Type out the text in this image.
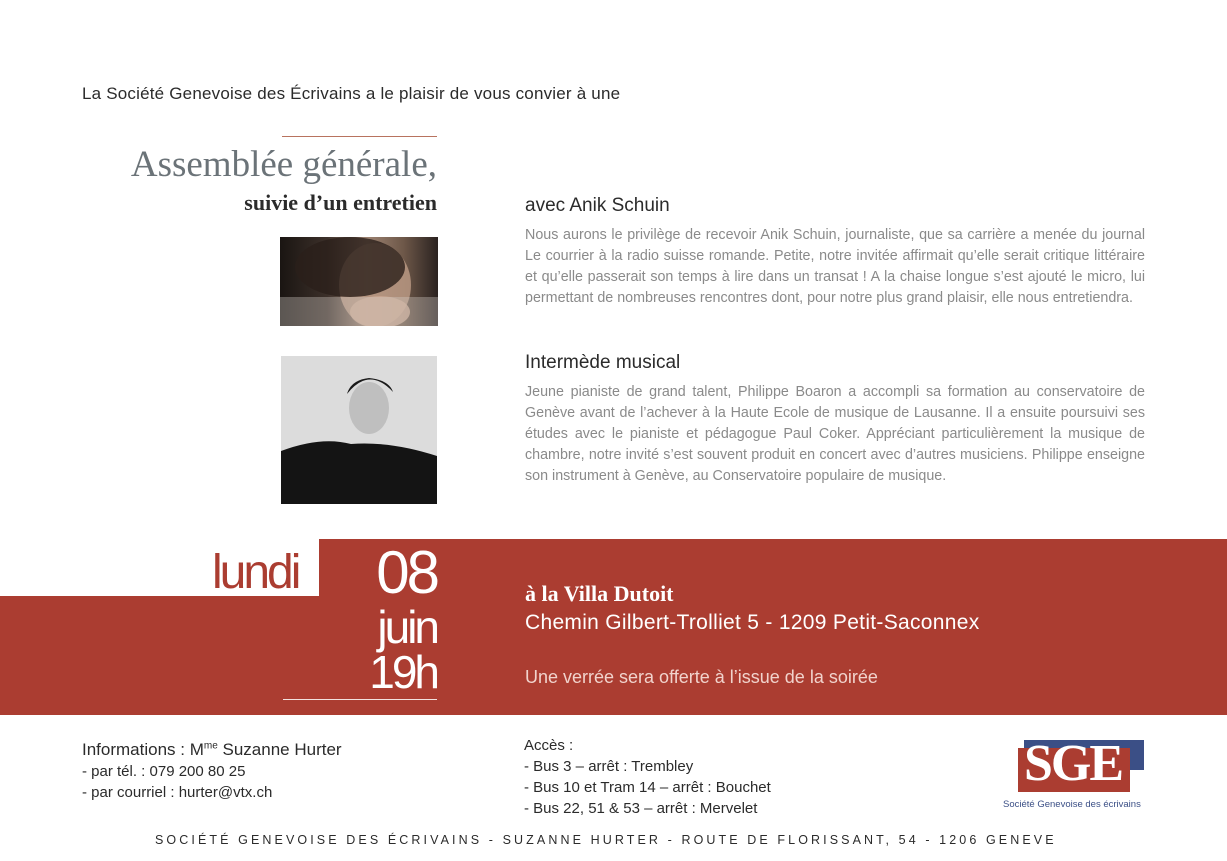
La Société Genevoise des Écrivains a le plaisir de vous convier à une
Assemblée générale,
suivie d’un entretien	avec Anik Schuin
Nous aurons le privilège de recevoir Anik Schuin, journaliste, que sa carrière a menée du journal Le courrier à la radio suisse romande. Petite, notre invitée affirmait qu’elle serait critique littéraire et qu’elle passerait son temps à lire dans un transat ! A la chaise longue s’est ajouté le micro, lui permettant de nombreuses rencontres dont, pour notre plus grand plaisir, elle nous entretiendra.
Intermède musical
Jeune pianiste de grand talent, Philippe Boaron a accompli sa formation au conservatoire de Genève avant de l’achever à la Haute Ecole de musique de Lausanne. Il a ensuite poursuivi ses études avec le pianiste et pédagogue Paul Coker. Appréciant particulièrement la musique de chambre, notre invité s’est souvent produit en concert avec d’autres musiciens. Philippe enseigne son instrument à Genève, au Conservatoire populaire de musique.
lundi 08
juin
19h
à la Villa Dutoit
Chemin Gilbert-Trolliet 5 - 1209 Petit-Saconnex
Une verrée sera offerte à l’issue de la soirée
Informations : $M^{me}$ Suzanne Hurter
- par tél. : 079 200 80 25
- par courriel : hurter@vtx.ch
Accès :
- Bus 3 – arrêt : Trembley
- Bus 10 et Tram 14 – arrêt : Bouchet
- Bus 22, 51 & 53 – arrêt : Mervelet
SGE
Société Genevoise des écrivains
SOCIÉTÉ GENEVOISE DES ÉCRIVAINS - SUZANNE HURTER - ROUTE DE FLORISSANT, 54 - 1206 GENEVE
